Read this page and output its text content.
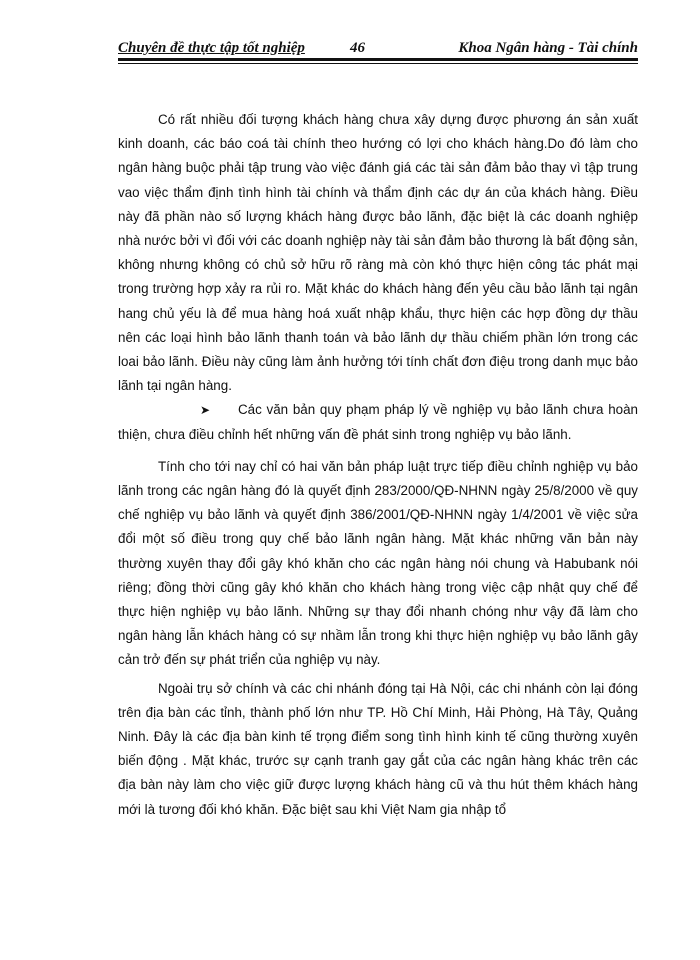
Chuyên đề thực tập tốt nghiệp	46	Khoa Ngân hàng - Tài chính

Có rất nhiều đối tượng khách hàng chưa xây dựng được phương án sản xuất kinh doanh, các báo coá tài chính theo hướng có lợi cho khách hàng.Do đó làm cho ngân hàng buộc phải tập trung vào việc đánh giá các tài sản đảm bảo thay vì tập trung vao việc thẩm định tình hình tài chính và thẩm định các dự án của khách hàng. Điều này đã phần nào số lượng khách hàng được bảo lãnh, đặc biệt là các doanh nghiệp nhà nước bởi vì đối với các doanh nghiệp này tài sản đảm bảo thương là bất động sản, không nhưng không có chủ sở hữu rõ ràng mà còn khó thực hiện công tác phát mại trong trường hợp xảy ra rủi ro. Mặt khác do khách hàng đến yêu cầu bảo lãnh tại ngân hang chủ yếu là để mua hàng hoá xuất nhập khẩu, thực hiện các hợp đồng dự thầu nên các loại hình bảo lãnh thanh toán và bảo lãnh dự thầu chiếm phần lớn trong các loai bảo lãnh. Điều này cũng làm ảnh hưởng tới tính chất đơn điệu trong danh mục bảo lãnh tại ngân hàng.

➤ Các văn bản quy phạm pháp lý về nghiệp vụ bảo lãnh chưa hoàn thiện, chưa điều chỉnh hết những vấn đề phát sinh trong nghiệp vụ bảo lãnh.

Tính cho tới nay chỉ có hai văn bản pháp luật trực tiếp điều chỉnh nghiệp vụ bảo lãnh trong các ngân hàng đó là quyết định 283/2000/QĐ-NHNN ngày 25/8/2000 về quy chế nghiệp vụ bảo lãnh và quyết định 386/2001/QĐ-NHNN ngày 1/4/2001 về việc sửa đổi một số điều trong quy chế bảo lãnh ngân hàng. Mặt khác những văn bản này thường xuyên thay đổi gây khó khăn cho các ngân hàng nói chung và Habubank nói riêng; đồng thời cũng gây khó khăn cho khách hàng trong việc cập nhật quy chế để thực hiện nghiệp vụ bảo lãnh. Những sự thay đổi nhanh chóng như vậy đã làm cho ngân hàng lẫn khách hàng có sự nhầm lẫn trong khi thực hiện nghiệp vụ bảo lãnh gây cản trở đến sự phát triển của nghiệp vụ này.

Ngoài trụ sở chính và các chi nhánh đóng tại Hà Nội, các chi nhánh còn lại đóng trên địa bàn các tỉnh, thành phố lớn như TP. Hồ Chí Minh, Hải Phòng, Hà Tây, Quảng Ninh. Đây là các địa bàn kinh tế trọng điểm song tình hình kinh tế cũng thường xuyên biến động . Mặt khác, trước sự cạnh tranh gay gắt của các ngân hàng khác trên các địa bàn này làm cho việc giữ được lượng khách hàng cũ và thu hút thêm khách hàng mới là tương đối khó khăn. Đặc biệt sau khi Việt Nam gia nhập tổ
